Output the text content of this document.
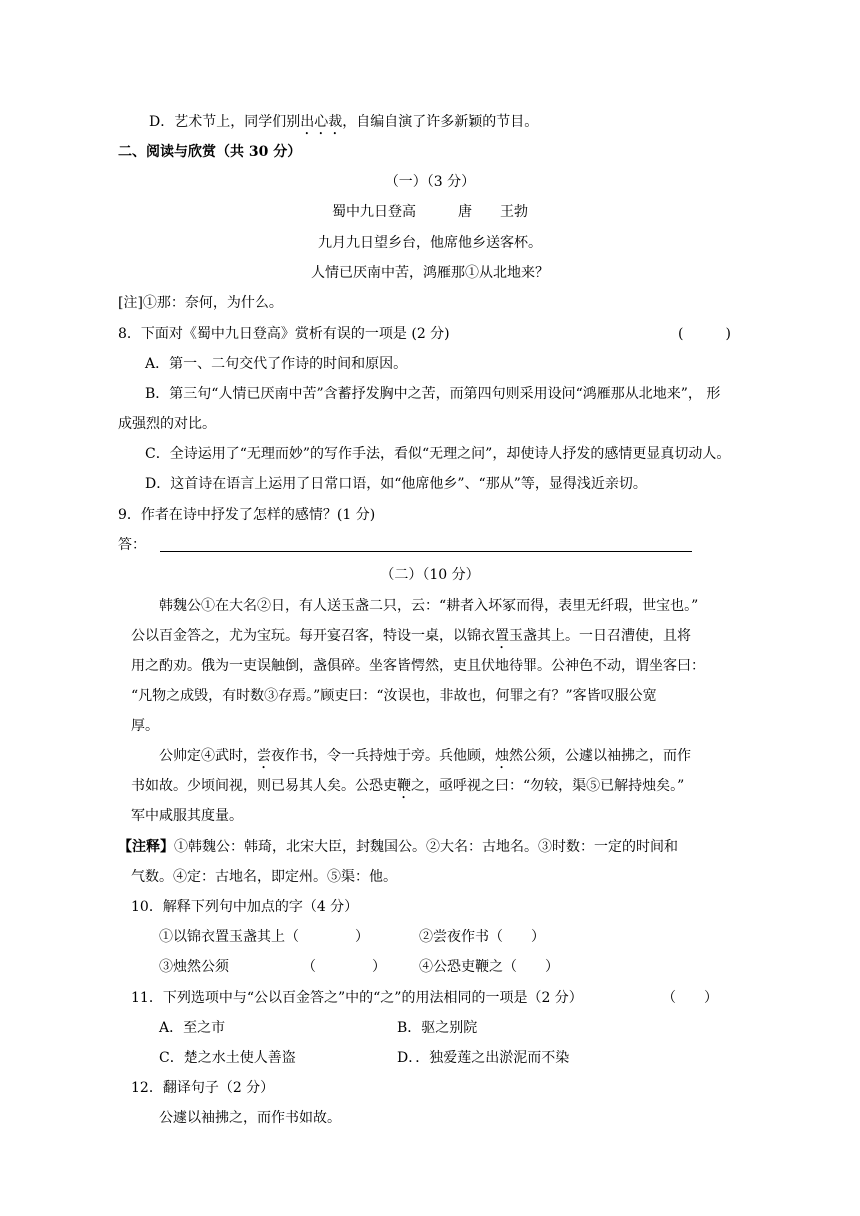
D．艺术节上，同学们别出心裁，自编自演了许多新颖的节目。
二、阅读与欣赏（共 30 分）
（一）（3 分）
蜀中九日登高　　　唐　　王勃
九月九日望乡台，他席他乡送客杯。
人情已厌南中苦，鸿雁那①从北地来？
[注]①那：奈何，为什么。
8．下面对《蜀中九日登高》赏析有误的一项是 (2 分)	(　　　)
A．第一、二句交代了作诗的时间和原因。
B．第三句“人情已厌南中苦”含蓄抒发胸中之苦，而第四句则采用设问“鸿雁那从北地来”， 形
成强烈的对比。
C．全诗运用了“无理而妙”的写作手法，看似“无理之问”，却使诗人抒发的感情更显真切动人。
D．这首诗在语言上运用了日常口语，如“他席他乡”、“那从”等，显得浅近亲切。
9．作者在诗中抒发了怎样的感情？(1 分)
答：
（二）（10 分）
韩魏公①在大名②日，有人送玉盏二只，云：“耕者入坏冢而得，表里无纤瑕，世宝也。”
公以百金答之，尤为宝玩。每开宴召客，特设一桌，以锦衣置玉盏其上。一日召漕使，且将
用之酌劝。俄为一吏误触倒，盏俱碎。坐客皆愕然，吏且伏地待罪。公神色不动，谓坐客曰：
“凡物之成毁，有时数③存焉。”顾吏曰：“汝误也，非故也，何罪之有？”客皆叹服公宽
厚。
公帅定④武时，尝夜作书，令一兵持烛于旁。兵他顾，烛然公须，公遽以袖拂之，而作
书如故。少顷间视，则已易其人矣。公恐吏鞭之，亟呼视之曰：“勿较，渠⑤已解持烛矣。”
军中咸服其度量。
【注释】①韩魏公：韩琦，北宋大臣，封魏国公。②大名：古地名。③时数：一定的时间和
气数。④定：古地名，即定州。⑤渠：他。
10．解释下列句中加点的字（4 分）
①以锦衣置玉盏其上（　　　　）	②尝夜作书（　　）
③烛然公须	（　　　　） ④公恐吏鞭之（　　）
11．下列选项中与“公以百金答之”中的“之”的用法相同的一项是（2 分）	（　　）
A．至之市	B．驱之别院
C．楚之水土使人善盗	D．．独爱莲之出淤泥而不染
12．翻译句子（2 分）
公遽以袖拂之，而作书如故。
